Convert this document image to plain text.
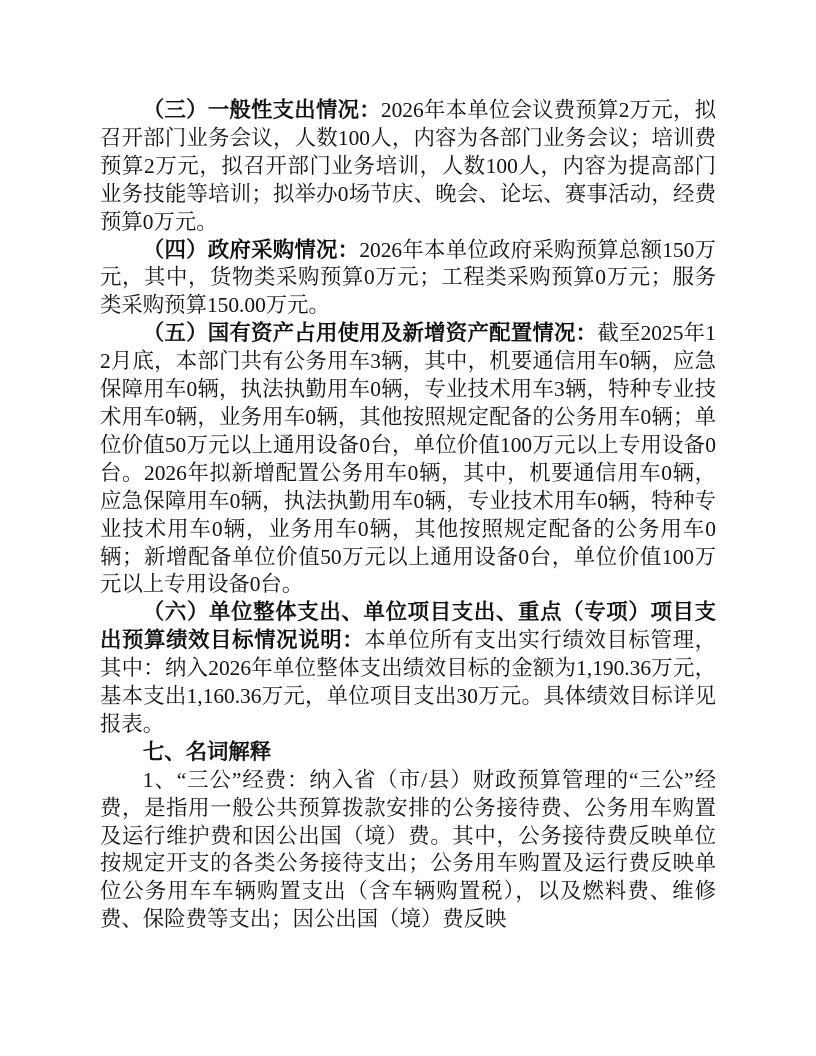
（三）一般性支出情况：2026年本单位会议费预算2万元，拟召开部门业务会议，人数100人，内容为各部门业务会议；培训费预算2万元，拟召开部门业务培训，人数100人，内容为提高部门业务技能等培训；拟举办0场节庆、晚会、论坛、赛事活动，经费预算0万元。

（四）政府采购情况：2026年本单位政府采购预算总额150万元，其中，货物类采购预算0万元；工程类采购预算0万元；服务类采购预算150.00万元。

（五）国有资产占用使用及新增资产配置情况：截至2025年12月底，本部门共有公务用车3辆，其中，机要通信用车0辆，应急保障用车0辆，执法执勤用车0辆，专业技术用车3辆，特种专业技术用车0辆，业务用车0辆，其他按照规定配备的公务用车0辆；单位价值50万元以上通用设备0台，单位价值100万元以上专用设备0台。2026年拟新增配置公务用车0辆，其中，机要通信用车0辆，应急保障用车0辆，执法执勤用车0辆，专业技术用车0辆，特种专业技术用车0辆，业务用车0辆，其他按照规定配备的公务用车0辆；新增配备单位价值50万元以上通用设备0台，单位价值100万元以上专用设备0台。

（六）单位整体支出、单位项目支出、重点（专项）项目支出预算绩效目标情况说明：本单位所有支出实行绩效目标管理，其中：纳入2026年单位整体支出绩效目标的金额为1,190.36万元，基本支出1,160.36万元，单位项目支出30万元。具体绩效目标详见报表。

七、名词解释

1、“三公”经费：纳入省（市/县）财政预算管理的“三公”经费，是指用一般公共预算拨款安排的公务接待费、公务用车购置及运行维护费和因公出国（境）费。其中，公务接待费反映单位按规定开支的各类公务接待支出；公务用车购置及运行费反映单位公务用车车辆购置支出（含车辆购置税），以及燃料费、维修费、保险费等支出；因公出国（境）费反映
